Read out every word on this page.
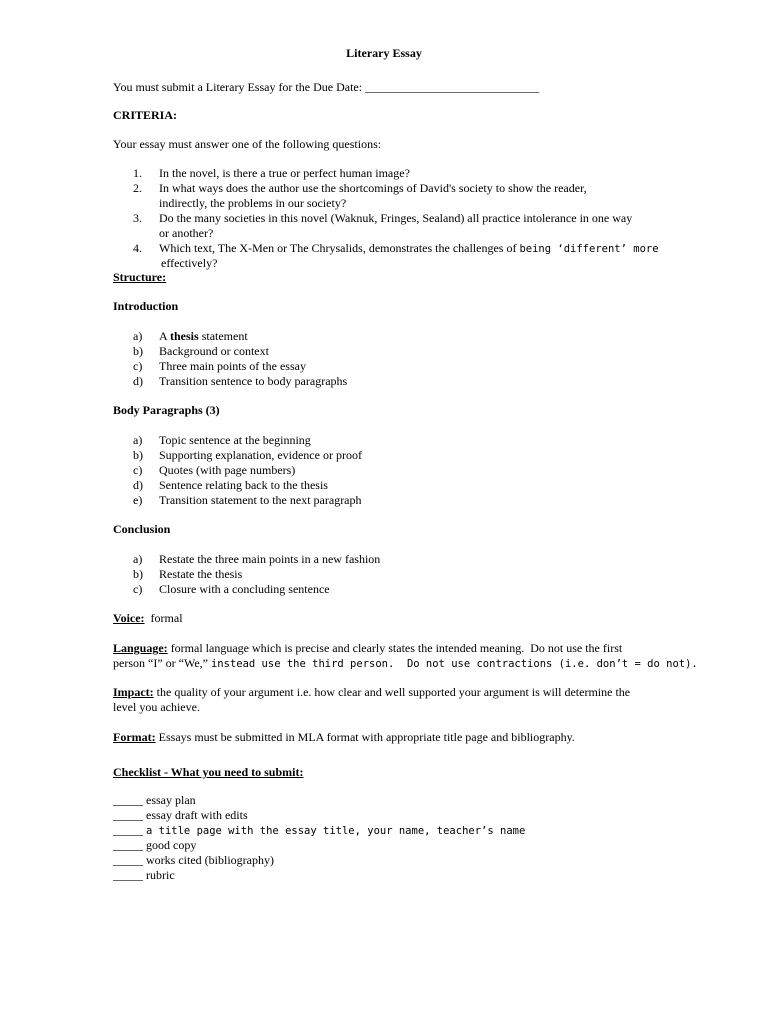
Literary Essay
You must submit a Literary Essay for the Due Date: _____________________________
CRITERIA:
Your essay must answer one of the following questions:
1. In the novel, is there a true or perfect human image?
2. In what ways does the author use the shortcomings of David's society to show the reader,
indirectly, the problems in our society?
3. Do the many societies in this novel (Waknuk, Fringes, Sealand) all practice intolerance in one way
or another?
4. Which text, The X-Men or The Chrysalids, demonstrates the challenges of being ‘different’ more
effectively?
Structure:
Introduction
a) A thesis statement
b) Background or context
c) Three main points of the essay
d) Transition sentence to body paragraphs
Body Paragraphs (3)
a) Topic sentence at the beginning
b) Supporting explanation, evidence or proof
c) Quotes (with page numbers)
d) Sentence relating back to the thesis
e) Transition statement to the next paragraph
Conclusion
a) Restate the three main points in a new fashion
b) Restate the thesis
c) Closure with a concluding sentence
Voice:  formal
Language: formal language which is precise and clearly states the intended meaning.  Do not use the first
person “I” or “We,” instead use the third person.  Do not use contractions (i.e. don’t = do not).
Impact: the quality of your argument i.e. how clear and well supported your argument is will determine the
level you achieve.
Format: Essays must be submitted in MLA format with appropriate title page and bibliography.
Checklist - What you need to submit:
_____ essay plan
_____ essay draft with edits
_____ a title page with the essay title, your name, teacher’s name
_____ good copy
_____ works cited (bibliography)
_____ rubric
